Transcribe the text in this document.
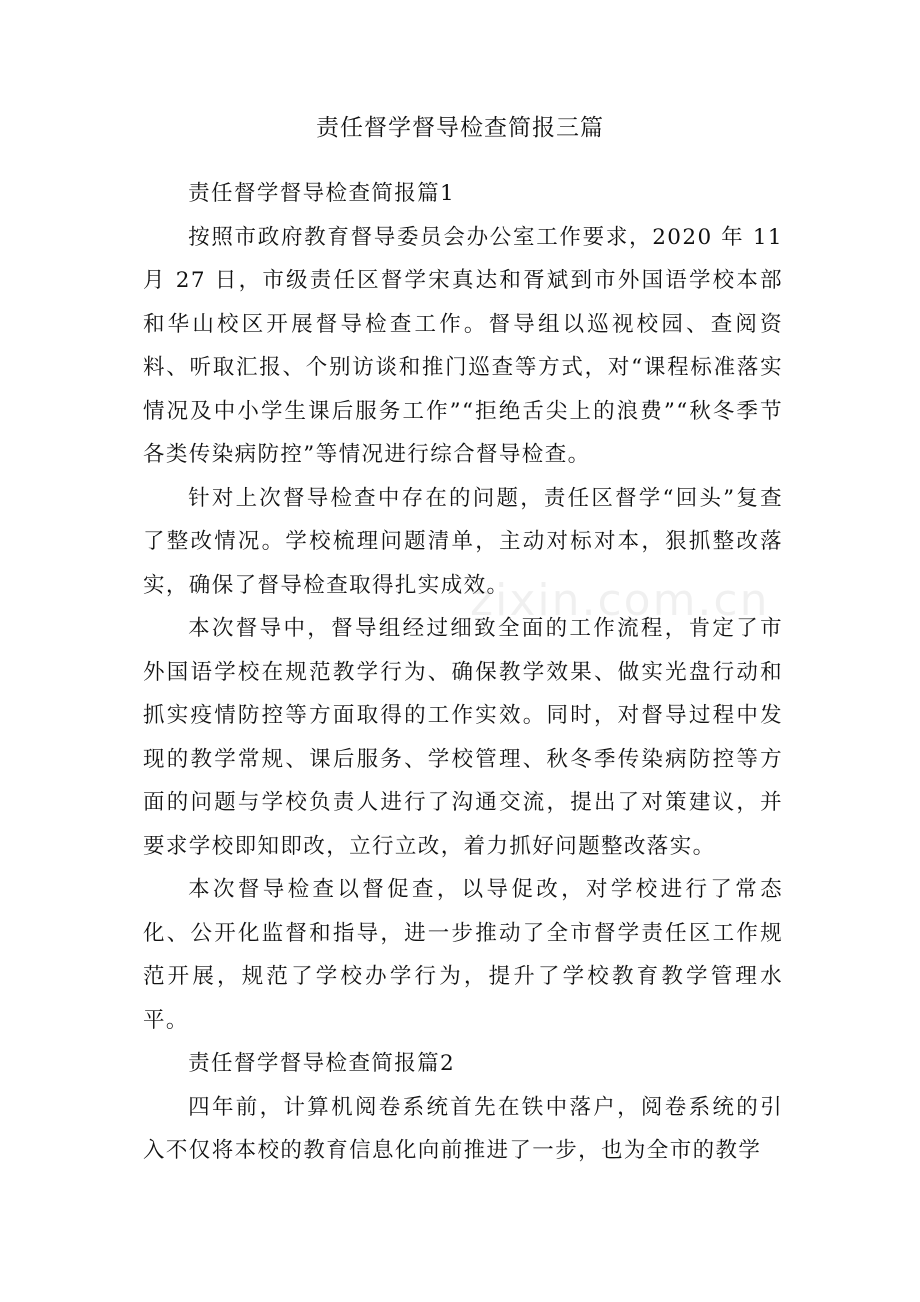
责任督学督导检查简报三篇

责任督学督导检查简报篇1

按照市政府教育督导委员会办公室工作要求，2020 年 11 月 27 日，市级责任区督学宋真达和胥斌到市外国语学校本部和华山校区开展督导检查工作。督导组以巡视校园、查阅资料、听取汇报、个别访谈和推门巡查等方式，对“课程标准落实情况及中小学生课后服务工作”“拒绝舌尖上的浪费”“秋冬季节各类传染病防控”等情况进行综合督导检查。

针对上次督导检查中存在的问题，责任区督学“回头”复查了整改情况。学校梳理问题清单，主动对标对本，狠抓整改落实，确保了督导检查取得扎实成效。

本次督导中，督导组经过细致全面的工作流程，肯定了市外国语学校在规范教学行为、确保教学效果、做实光盘行动和抓实疫情防控等方面取得的工作实效。同时，对督导过程中发现的教学常规、课后服务、学校管理、秋冬季传染病防控等方面的问题与学校负责人进行了沟通交流，提出了对策建议，并要求学校即知即改，立行立改，着力抓好问题整改落实。

本次督导检查以督促查，以导促改，对学校进行了常态化、公开化监督和指导，进一步推动了全市督学责任区工作规范开展，规范了学校办学行为，提升了学校教育教学管理水平。

责任督学督导检查简报篇2

四年前，计算机阅卷系统首先在铁中落户，阅卷系统的引入不仅将本校的教育信息化向前推进了一步，也为全市的教学

zixin.com.cn
